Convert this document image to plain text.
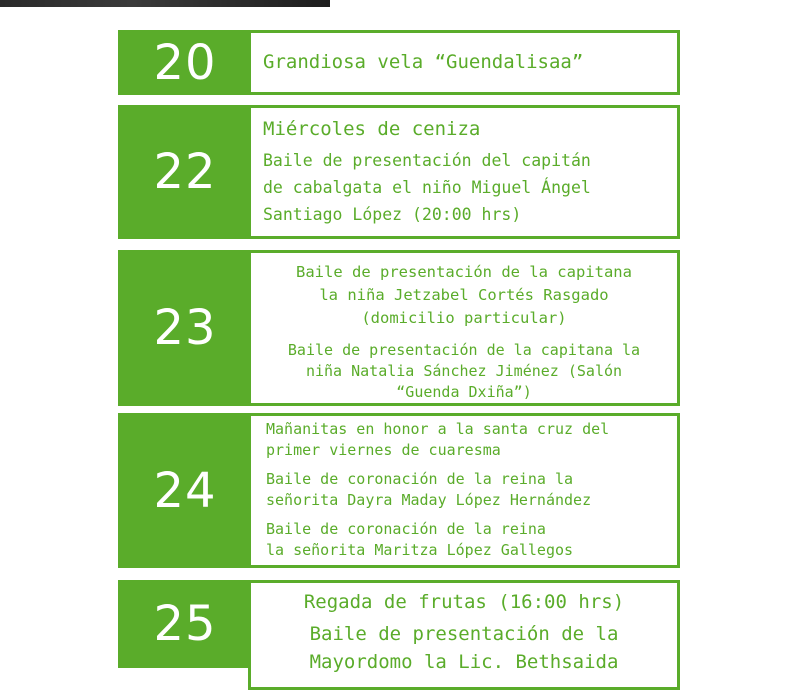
20	Grandiosa vela “Guendalisaa”
22
Miércoles de ceniza
Baile de presentación del capitán
de cabalgata el niño Miguel Ángel
Santiago López (20:00 hrs)
23
Baile de presentación de la capitana
la niña Jetzabel Cortés Rasgado
(domicilio particular)
Baile de presentación de la capitana la
niña Natalia Sánchez Jiménez (Salón
“Guenda Dxiña”)
24
Mañanitas en honor a la santa cruz del
primer viernes de cuaresma
Baile de coronación de la reina la
señorita Dayra Maday López Hernández
Baile de coronación de la reina
la señorita Maritza López Gallegos
25	Regada de frutas (16:00 hrs)
Baile de presentación de la
Mayordomo la Lic. Bethsaida
